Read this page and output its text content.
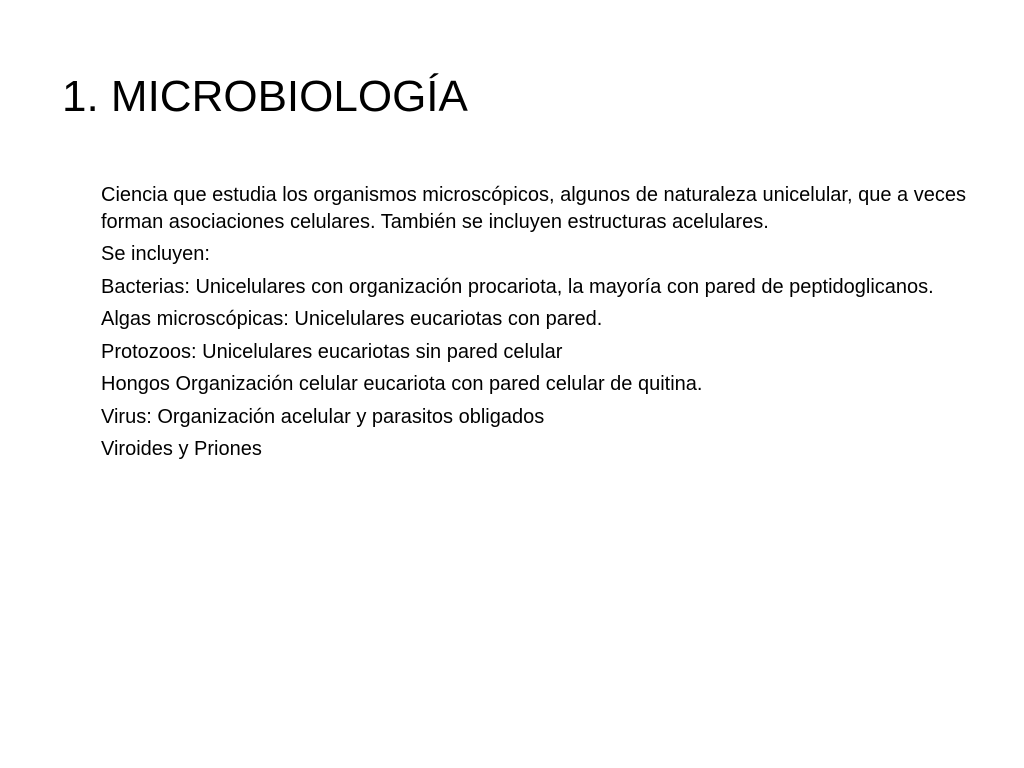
1. MICROBIOLOGÍA

Ciencia que estudia los organismos microscópicos, algunos de naturaleza unicelular, que a veces forman asociaciones celulares. También se incluyen estructuras acelulares.

Se incluyen:

Bacterias: Unicelulares con organización procariota, la mayoría con pared de peptidoglicanos.

Algas microscópicas: Unicelulares eucariotas con pared.

Protozoos: Unicelulares eucariotas sin pared celular

Hongos Organización celular eucariota con pared celular de quitina.

Virus: Organización acelular y parasitos obligados

Viroides y Priones
